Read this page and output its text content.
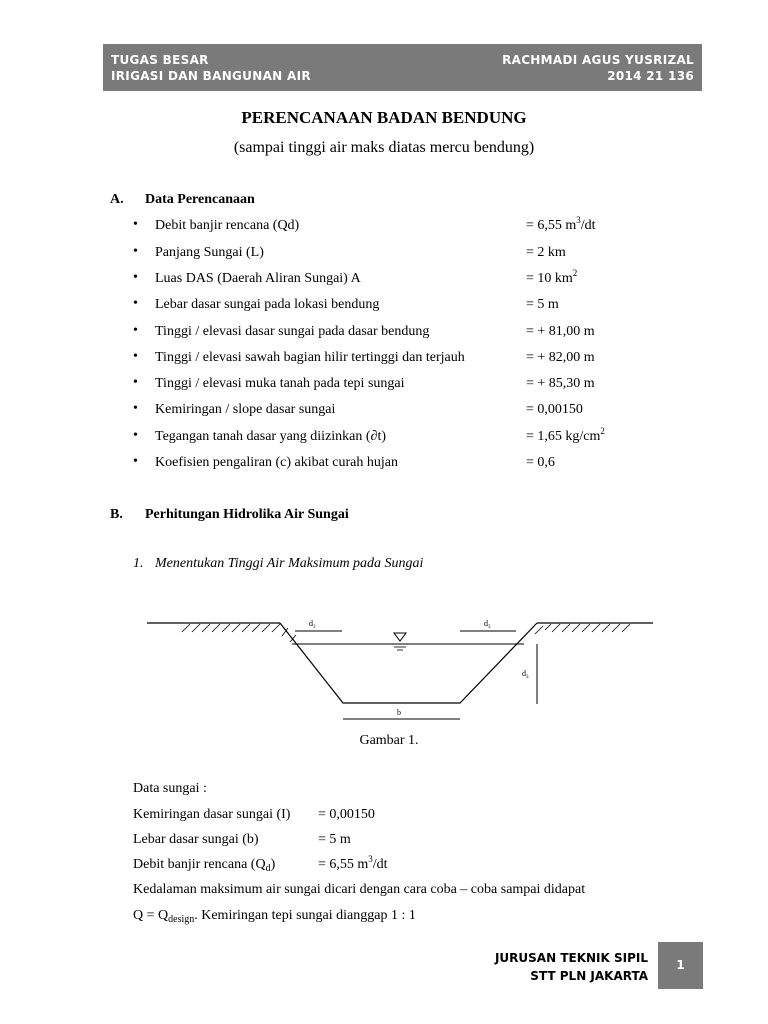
TUGAS BESAR
IRIGASI DAN BANGUNAN AIR
RACHMADI AGUS YUSRIZAL
2014 21 136
PERENCANAAN BADAN BENDUNG
(sampai tinggi air maks diatas mercu bendung)
A. Data Perencanaan
• Debit banjir rencana (Qd)	= 6,55 $m^3/dt$
• Panjang Sungai (L)	= 2 km
• Luas DAS (Daerah Aliran Sungai) A	= 10 $km^2$
• Lebar dasar sungai pada lokasi bendung	= 5 m
• Tinggi / elevasi dasar sungai pada dasar bendung	= + 81,00 m
• Tinggi / elevasi sawah bagian hilir tertinggi dan terjauh	= + 82,00 m
• Tinggi / elevasi muka tanah pada tepi sungai	= + 85,30 m
• Kemiringan / slope dasar sungai	= 0,00150
• Tegangan tanah dasar yang diizinkan (∂t)	= 1,65 $kg/cm^2$
• Koefisien pengaliran (c) akibat curah hujan	= 0,6
B. Perhitungan Hidrolika Air Sungai
1. Menentukan Tinggi Air Maksimum pada Sungai
$d_3$	$d_3$
$d_3$
b
Gambar 1.
Data sungai :
Kemiringan dasar sungai (I) = 0,00150
Lebar dasar sungai (b)	= 5 m
Debit banjir rencana $(Q_d)$	= 6,55 $m^3/dt$
Kedalaman maksimum air sungai dicari dengan cara coba – coba sampai didapat
$Q = Q_{design}$. Kemiringan tepi sungai dianggap 1 : 1
JURUSAN TEKNIK SIPIL
STT PLN JAKARTA
1
